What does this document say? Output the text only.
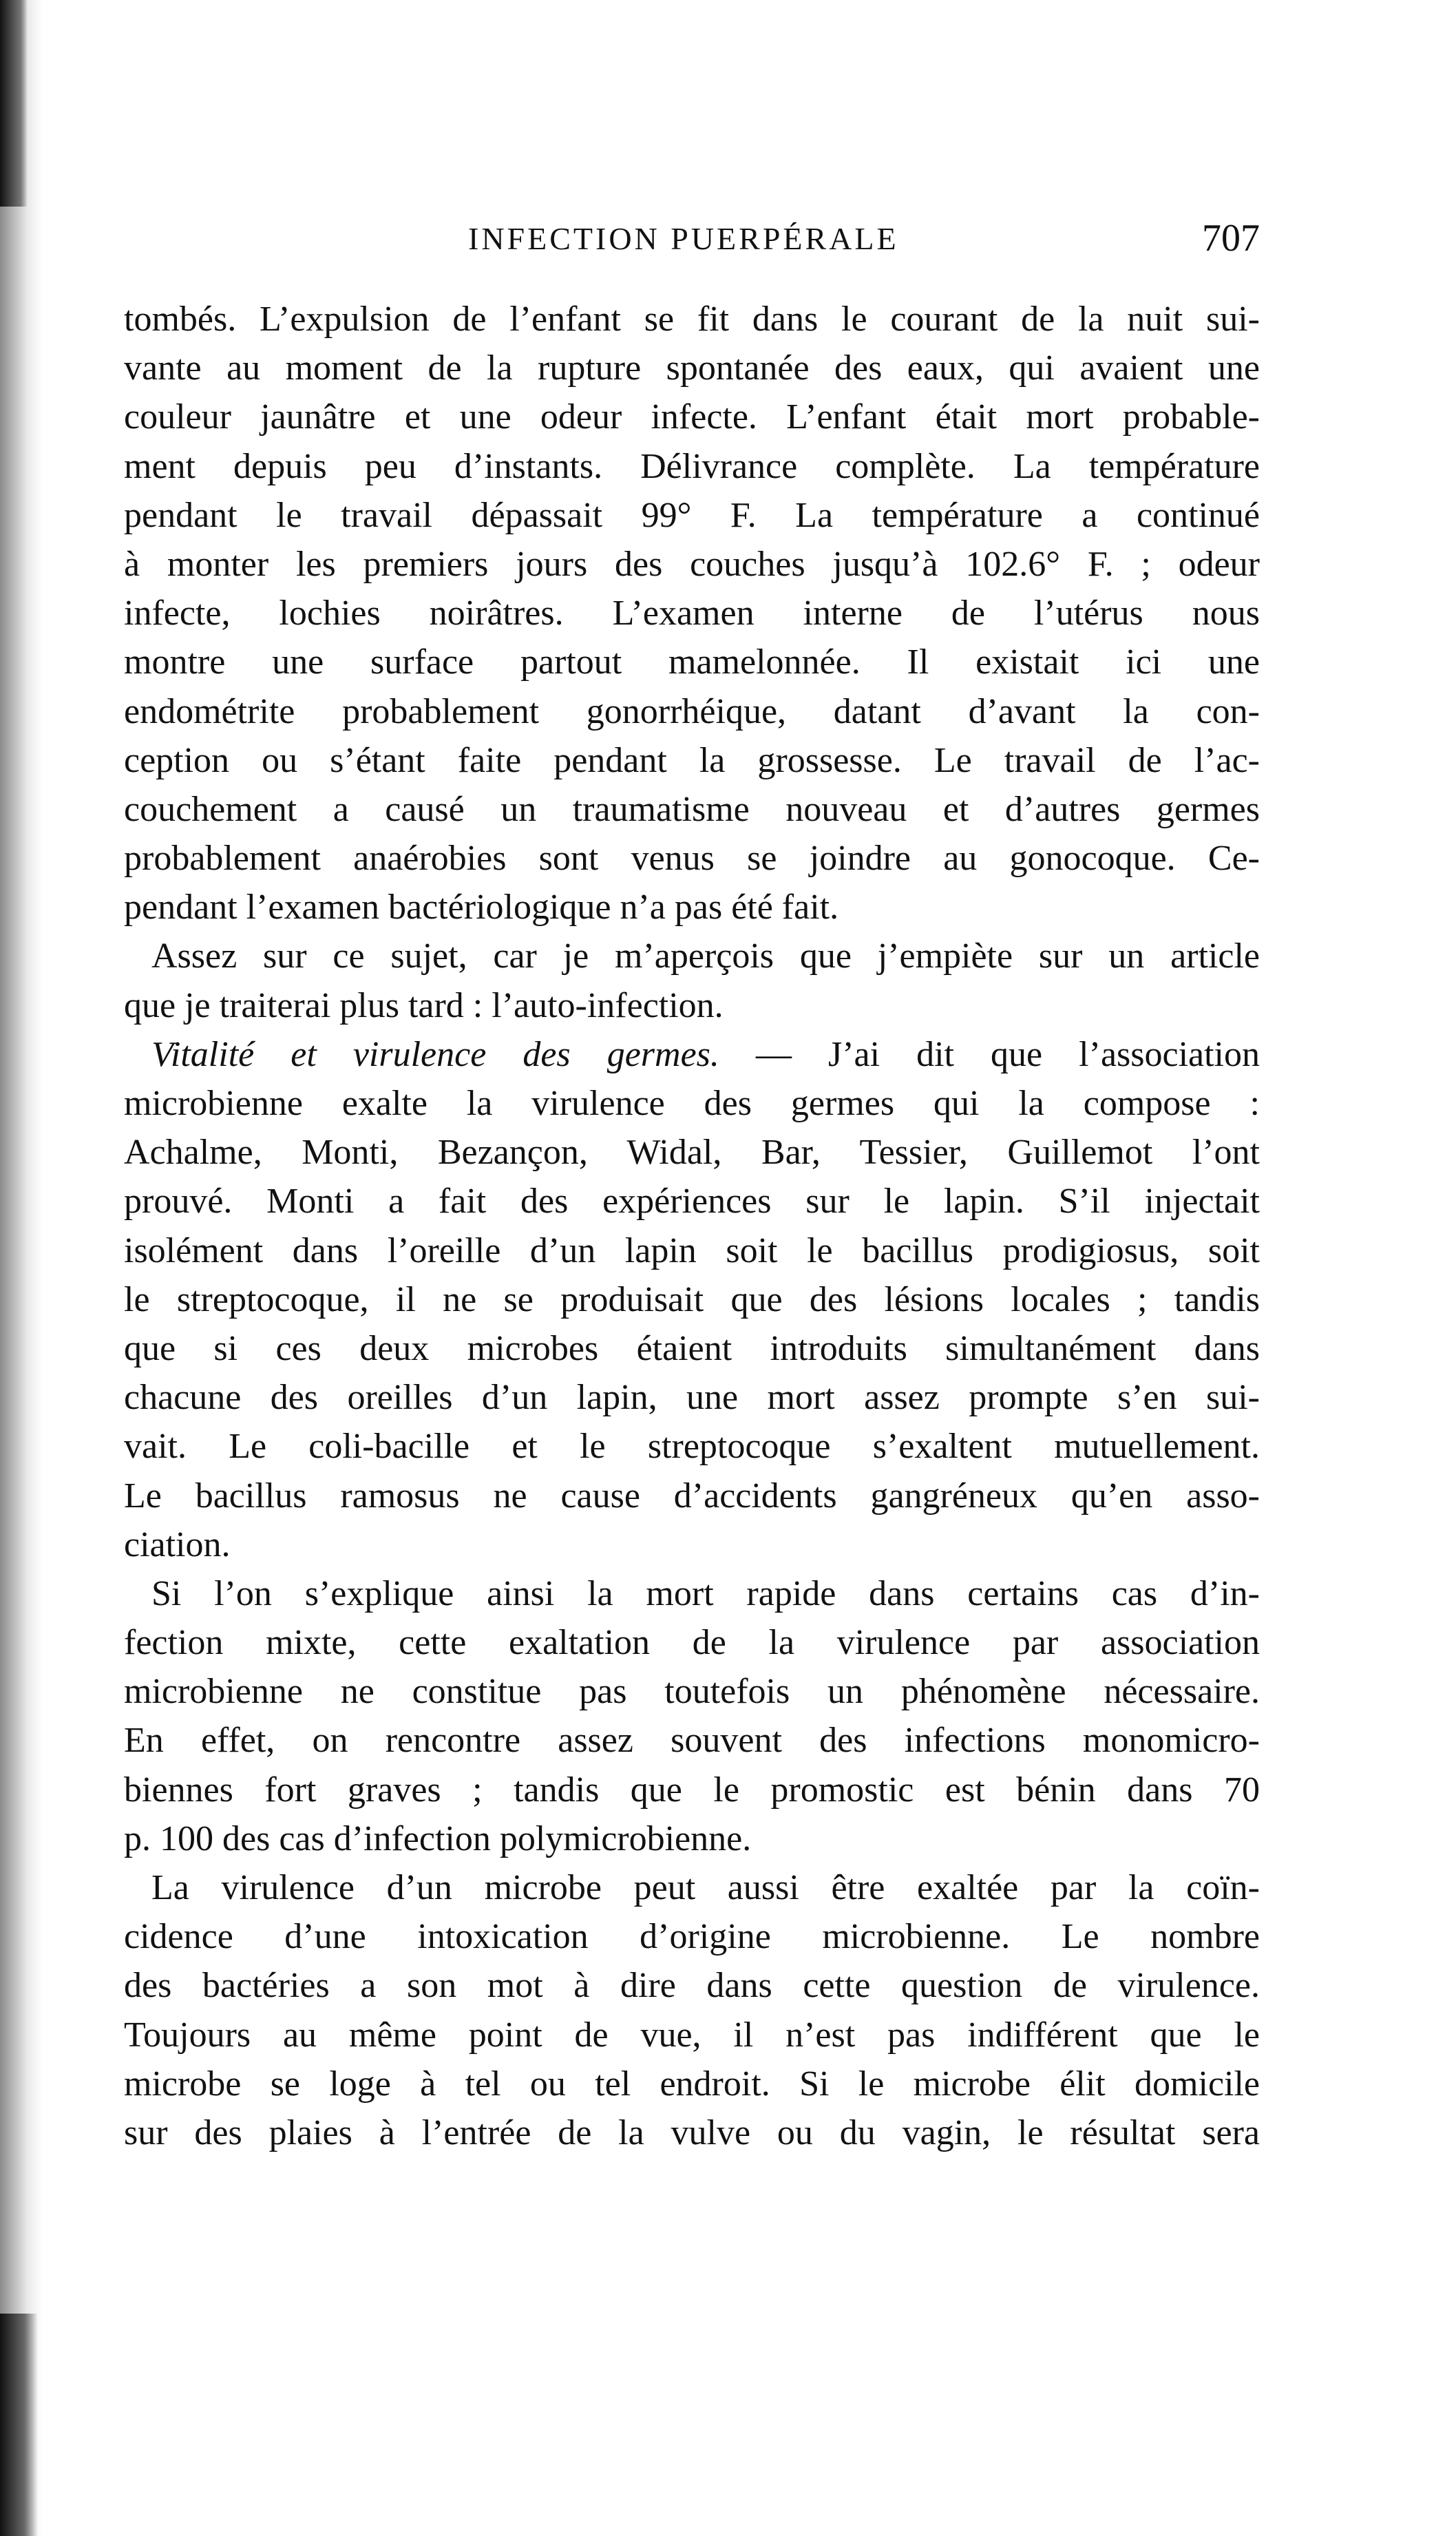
INFECTION PUERPÉRALE	707
tombés. L’expulsion de l’enfant se fit dans le courant de la nuit sui-
vante au moment de la rupture spontanée des eaux, qui avaient une
couleur jaunâtre et une odeur infecte. L’enfant était mort probable-
ment depuis peu d’instants. Délivrance complète. La température
pendant le travail dépassait 99° F. La température a continué
à monter les premiers jours des couches jusqu’à 102.6° F. ; odeur
infecte, lochies noirâtres. L’examen interne de l’utérus nous
montre une surface partout mamelonnée. Il existait ici une
endométrite probablement gonorrhéique, datant d’avant la con-
ception ou s’étant faite pendant la grossesse. Le travail de l’ac-
couchement a causé un traumatisme nouveau et d’autres germes
probablement anaérobies sont venus se joindre au gonocoque. Ce-
pendant l’examen bactériologique n’a pas été fait.
Assez sur ce sujet, car je m’aperçois que j’empiète sur un article
que je traiterai plus tard : l’auto-infection.
Vitalité et virulence des germes. — J’ai dit que l’association
microbienne exalte la virulence des germes qui la compose :
Achalme, Monti, Bezançon, Widal, Bar, Tessier, Guillemot l’ont
prouvé. Monti a fait des expériences sur le lapin. S’il injectait
isolément dans l’oreille d’un lapin soit le bacillus prodigiosus, soit
le streptocoque, il ne se produisait que des lésions locales ; tandis
que si ces deux microbes étaient introduits simultanément dans
chacune des oreilles d’un lapin, une mort assez prompte s’en sui-
vait. Le coli-bacille et le streptocoque s’exaltent mutuellement.
Le bacillus ramosus ne cause d’accidents gangréneux qu’en asso-
ciation.
Si l’on s’explique ainsi la mort rapide dans certains cas d’in-
fection mixte, cette exaltation de la virulence par association
microbienne ne constitue pas toutefois un phénomène nécessaire.
En effet, on rencontre assez souvent des infections monomicro-
biennes fort graves ; tandis que le promostic est bénin dans 70
p. 100 des cas d’infection polymicrobienne.
La virulence d’un microbe peut aussi être exaltée par la coïn-
cidence d’une intoxication d’origine microbienne. Le nombre
des bactéries a son mot à dire dans cette question de virulence.
Toujours au même point de vue, il n’est pas indifférent que le
microbe se loge à tel ou tel endroit. Si le microbe élit domicile
sur des plaies à l’entrée de la vulve ou du vagin, le résultat sera
